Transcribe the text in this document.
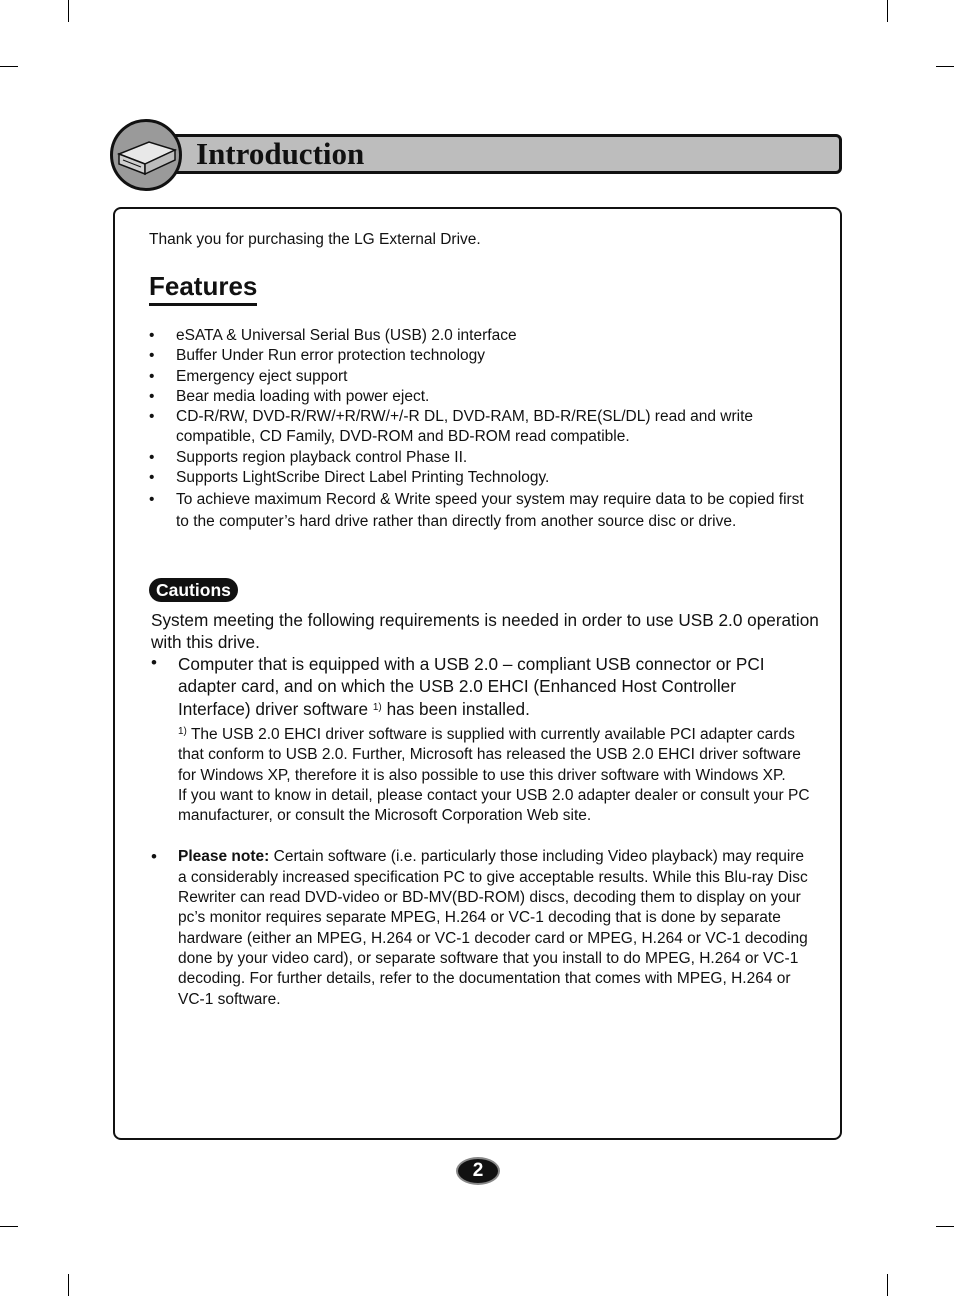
Introduction
Thank you for purchasing the LG External Drive.
Features
• eSATA & Universal Serial Bus (USB) 2.0 interface
• Buffer Under Run error protection technology
• Emergency eject support
• Bear media loading with power eject.
• CD-R/RW, DVD-R/RW/+R/RW/+/-R DL, DVD-RAM, BD-R/RE(SL/DL) read and write compatible, CD Family, DVD-ROM and BD-ROM read compatible.
• Supports region playback control Phase II.
• Supports LightScribe Direct Label Printing Technology.
• To achieve maximum Record & Write speed your system may require data to be copied first to the computer’s hard drive rather than directly from another source disc or drive.
Cautions
System meeting the following requirements is needed in order to use USB 2.0 operation with this drive.
• Computer that is equipped with a USB 2.0 – compliant USB connector or PCI adapter card, and on which the USB 2.0 EHCI (Enhanced Host Controller Interface) driver software $^{1)}$ has been installed.
$^{1)}$ The USB 2.0 EHCI driver software is supplied with currently available PCI adapter cards that conform to USB 2.0. Further, Microsoft has released the USB 2.0 EHCI driver software for Windows XP, therefore it is also possible to use this driver software with Windows XP.
If you want to know in detail, please contact your USB 2.0 adapter dealer or consult your PC manufacturer, or consult the Microsoft Corporation Web site.
• Please note: Certain software (i.e. particularly those including Video playback) may require a considerably increased specification PC to give acceptable results. While this Blu-ray Disc Rewriter can read DVD-video or BD-MV(BD-ROM) discs, decoding them to display on your pc’s monitor requires separate MPEG, H.264 or VC-1 decoding that is done by separate hardware (either an MPEG, H.264 or VC-1 decoder card or MPEG, H.264 or VC-1 decoding done by your video card), or separate software that you install to do MPEG, H.264 or VC-1 decoding. For further details, refer to the documentation that comes with MPEG, H.264 or VC-1 software.
2
